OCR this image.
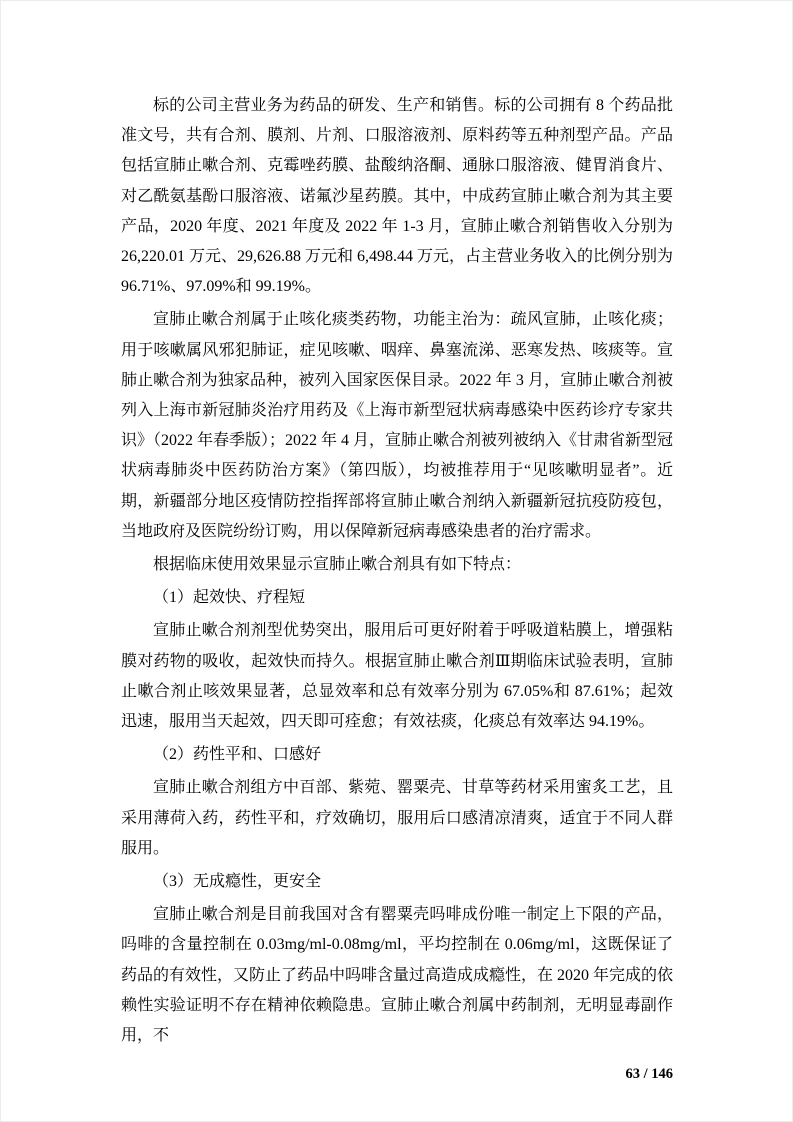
标的公司主营业务为药品的研发、生产和销售。标的公司拥有 8 个药品批准文号，共有合剂、膜剂、片剂、口服溶液剂、原料药等五种剂型产品。产品包括宣肺止嗽合剂、克霉唑药膜、盐酸纳洛酮、通脉口服溶液、健胃消食片、对乙酰氨基酚口服溶液、诺氟沙星药膜。其中，中成药宣肺止嗽合剂为其主要产品，2020 年度、2021 年度及 2022 年 1-3 月，宣肺止嗽合剂销售收入分别为 26,220.01 万元、29,626.88 万元和 6,498.44 万元，占主营业务收入的比例分别为 96.71%、97.09%和 99.19%。

宣肺止嗽合剂属于止咳化痰类药物，功能主治为：疏风宣肺，止咳化痰；用于咳嗽属风邪犯肺证，症见咳嗽、咽痒、鼻塞流涕、恶寒发热、咳痰等。宣肺止嗽合剂为独家品种，被列入国家医保目录。2022 年 3 月，宣肺止嗽合剂被列入上海市新冠肺炎治疗用药及《上海市新型冠状病毒感染中医药诊疗专家共识》（2022 年春季版）；2022 年 4 月，宣肺止嗽合剂被列被纳入《甘肃省新型冠状病毒肺炎中医药防治方案》（第四版），均被推荐用于“见咳嗽明显者”。近期，新疆部分地区疫情防控指挥部将宣肺止嗽合剂纳入新疆新冠抗疫防疫包，当地政府及医院纷纷订购，用以保障新冠病毒感染患者的治疗需求。

根据临床使用效果显示宣肺止嗽合剂具有如下特点：

（1）起效快、疗程短

宣肺止嗽合剂剂型优势突出，服用后可更好附着于呼吸道粘膜上，增强粘膜对药物的吸收，起效快而持久。根据宣肺止嗽合剂Ⅲ期临床试验表明，宣肺止嗽合剂止咳效果显著，总显效率和总有效率分别为 67.05%和 87.61%；起效迅速，服用当天起效，四天即可痊愈；有效祛痰，化痰总有效率达 94.19%。

（2）药性平和、口感好

宣肺止嗽合剂组方中百部、紫菀、罂粟壳、甘草等药材采用蜜炙工艺，且采用薄荷入药，药性平和，疗效确切，服用后口感清凉清爽，适宜于不同人群服用。

（3）无成瘾性，更安全

宣肺止嗽合剂是目前我国对含有罂粟壳吗啡成份唯一制定上下限的产品，吗啡的含量控制在 0.03mg/ml-0.08mg/ml，平均控制在 0.06mg/ml，这既保证了药品的有效性，又防止了药品中吗啡含量过高造成成瘾性，在 2020 年完成的依赖性实验证明不存在精神依赖隐患。宣肺止嗽合剂属中药制剂，无明显毒副作用，不

63 / 146
